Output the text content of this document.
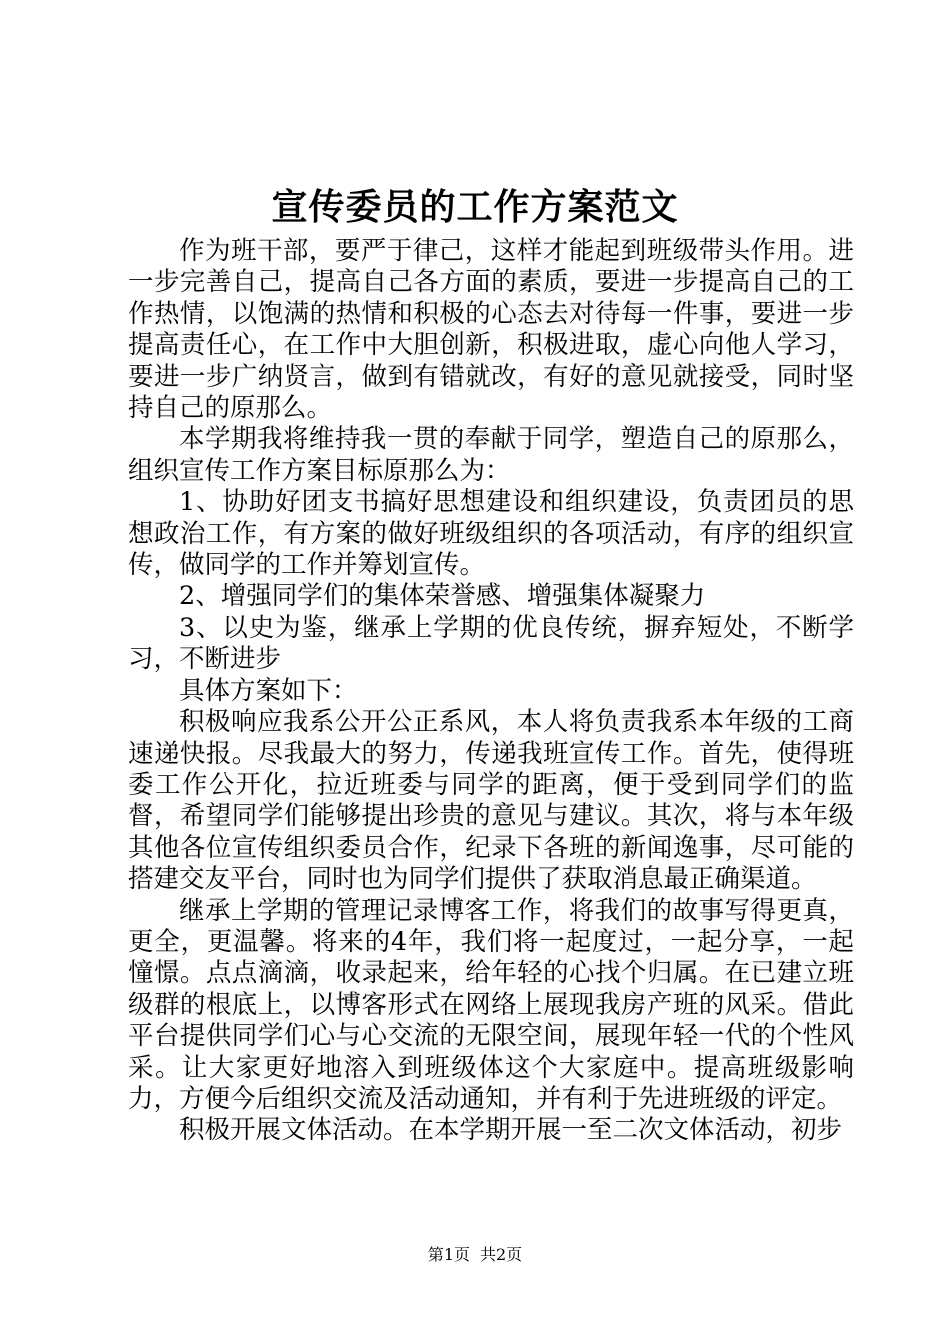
宣传委员的工作方案范文

作为班干部，要严于律己，这样才能起到班级带头作用。进一步完善自己，提高自己各方面的素质，要进一步提高自己的工作热情，以饱满的热情和积极的心态去对待每一件事，要进一步提高责任心，在工作中大胆创新，积极进取，虚心向他人学习，要进一步广纳贤言，做到有错就改，有好的意见就接受，同时坚持自己的原那么。

本学期我将维持我一贯的奉献于同学，塑造自己的原那么，组织宣传工作方案目标原那么为：

1、协助好团支书搞好思想建设和组织建设，负责团员的思想政治工作，有方案的做好班级组织的各项活动，有序的组织宣传，做同学的工作并筹划宣传。

2、增强同学们的集体荣誉感、增强集体凝聚力

3、以史为鉴，继承上学期的优良传统，摒弃短处，不断学习，不断进步

具体方案如下：

积极响应我系公开公正系风，本人将负责我系本年级的工商速递快报。尽我最大的努力，传递我班宣传工作。首先，使得班委工作公开化，拉近班委与同学的距离，便于受到同学们的监督，希望同学们能够提出珍贵的意见与建议。其次，将与本年级其他各位宣传组织委员合作，纪录下各班的新闻逸事，尽可能的搭建交友平台，同时也为同学们提供了获取消息最正确渠道。

继承上学期的管理记录博客工作，将我们的故事写得更真，更全，更温馨。将来的4年，我们将一起度过，一起分享，一起憧憬。点点滴滴，收录起来，给年轻的心找个归属。在已建立班级群的根底上，以博客形式在网络上展现我房产班的风采。借此平台提供同学们心与心交流的无限空间，展现年轻一代的个性风采。让大家更好地溶入到班级体这个大家庭中。提高班级影响力，方便今后组织交流及活动通知，并有利于先进班级的评定。

积极开展文体活动。在本学期开展一至二次文体活动，初步

第1页 共2页
